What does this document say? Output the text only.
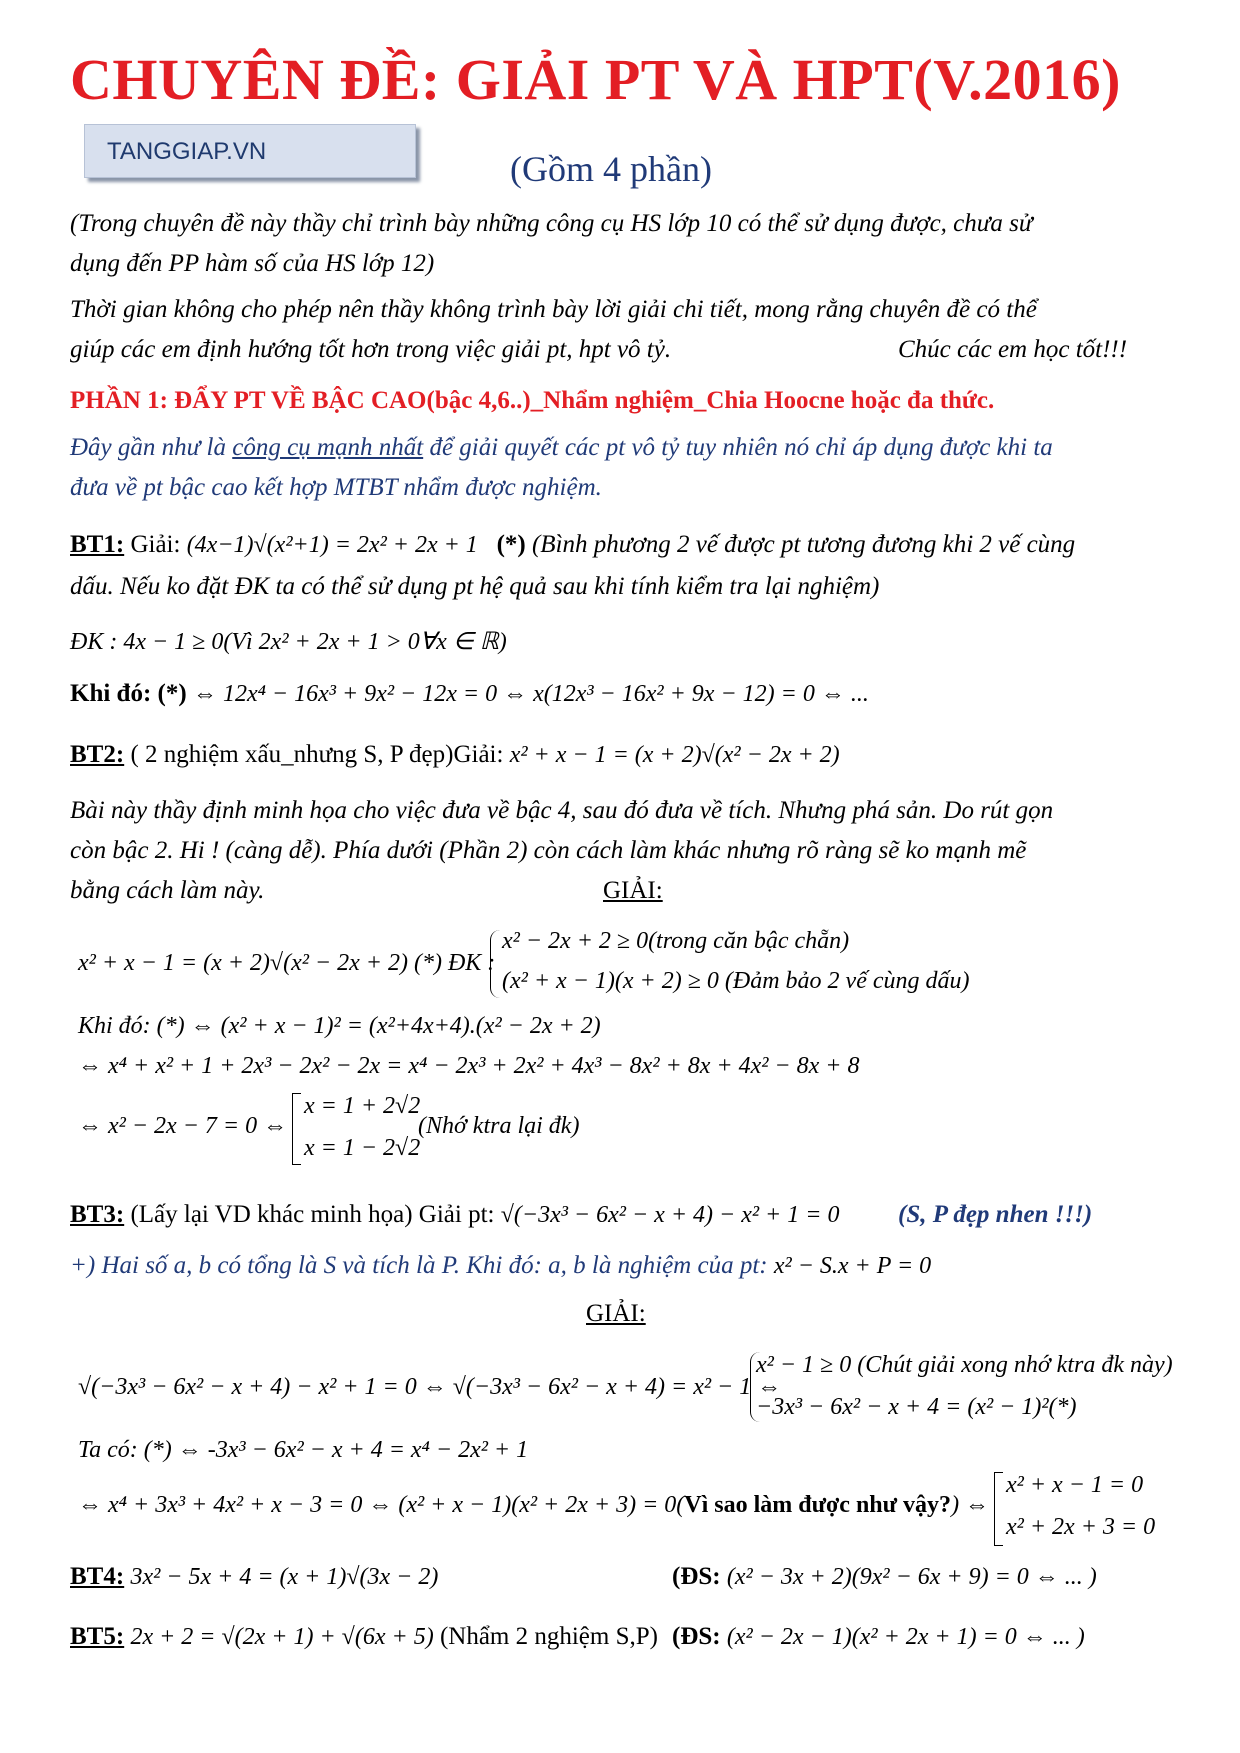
CHUYÊN ĐỀ: GIẢI PT VÀ HPT(V.2016)
TANGGIAP.VN	(Gồm 4 phần)
(Trong chuyên đề này thầy chỉ trình bày những công cụ HS lớp 10 có thể sử dụng được, chưa sử
dụng đến PP hàm số của HS lớp 12)
Thời gian không cho phép nên thầy không trình bày lời giải chi tiết, mong rằng chuyên đề có thể
giúp các em định hướng tốt hơn trong việc giải pt, hpt vô tỷ.	Chúc các em học tốt!!!
PHẦN 1: ĐẨY PT VỀ BẬC CAO(bậc 4,6..)_Nhẩm nghiệm_Chia Hoocne hoặc đa thức.
Đây gần như là công cụ mạnh nhất để giải quyết các pt vô tỷ tuy nhiên nó chỉ áp dụng được khi ta
đưa về pt bậc cao kết hợp MTBT nhẩm được nghiệm.
BT1: Giải: (4x−1)√(x²+1) = 2x² + 2x + 1 (*) (Bình phương 2 vế được pt tương đương khi 2 vế cùng
dấu. Nếu ko đặt ĐK ta có thể sử dụng pt hệ quả sau khi tính kiểm tra lại nghiệm)
ĐK : 4x − 1 ≥ 0(Vì 2x² + 2x + 1 > 0∀x ∈ ℝ)
Khi đó: (*) ⇔ 12x⁴ − 16x³ + 9x² − 12x = 0 ⇔ x(12x³ − 16x² + 9x − 12) = 0 ⇔ ...
BT2: ( 2 nghiệm xấu_nhưng S, P đẹp)Giải: x² + x − 1 = (x + 2)√(x² − 2x + 2)
Bài này thầy định minh họa cho việc đưa về bậc 4, sau đó đưa về tích. Nhưng phá sản. Do rút gọn
còn bậc 2. Hi ! (càng dễ). Phía dưới (Phần 2) còn cách làm khác nhưng rõ ràng sẽ ko mạnh mẽ
bằng cách làm này.	GIẢI:
x² + x − 1 = (x + 2)√(x² − 2x + 2) (*) ĐK :
x² − 2x + 2 ≥ 0(trong căn bậc chẵn)
(x² + x − 1)(x + 2) ≥ 0 (Đảm bảo 2 vế cùng dấu)
Khi đó: (*) ⇔ (x² + x − 1)² = (x²+4x+4).(x² − 2x + 2)
⇔ x⁴ + x² + 1 + 2x³ − 2x² − 2x = x⁴ − 2x³ + 2x² + 4x³ − 8x² + 8x + 4x² − 8x + 8
⇔ x² − 2x − 7 = 0 ⇔
x = 1 + 2√2
x = 1 − 2√2
(Nhớ ktra lại đk)
BT3: (Lấy lại VD khác minh họa) Giải pt: √(−3x³ − 6x² − x + 4) − x² + 1 = 0 (S, P đẹp nhen !!!)
+) Hai số a, b có tổng là S và tích là P. Khi đó: a, b là nghiệm của pt: x² − S.x + P = 0
GIẢI:
√(−3x³ − 6x² − x + 4) − x² + 1 = 0 ⇔ √(−3x³ − 6x² − x + 4) = x² − 1 ⇔
x² − 1 ≥ 0 (Chút giải xong nhớ ktra đk này)
−3x³ − 6x² − x + 4 = (x² − 1)²(*)
Ta có: (*) ⇔ -3x³ − 6x² − x + 4 = x⁴ − 2x² + 1
⇔ x⁴ + 3x³ + 4x² + x − 3 = 0 ⇔ (x² + x − 1)(x² + 2x + 3) = 0(Vì sao làm được như vậy?) ⇔
x² + x − 1 = 0
x² + 2x + 3 = 0
BT4: 3x² − 5x + 4 = (x + 1)√(3x − 2)	(ĐS: (x² − 3x + 2)(9x² − 6x + 9) = 0 ⇔ ... )
BT5: 2x + 2 = √(2x + 1) + √(6x + 5) (Nhẩm 2 nghiệm S,P) (ĐS: (x² − 2x − 1)(x² + 2x + 1) = 0 ⇔ ... )
